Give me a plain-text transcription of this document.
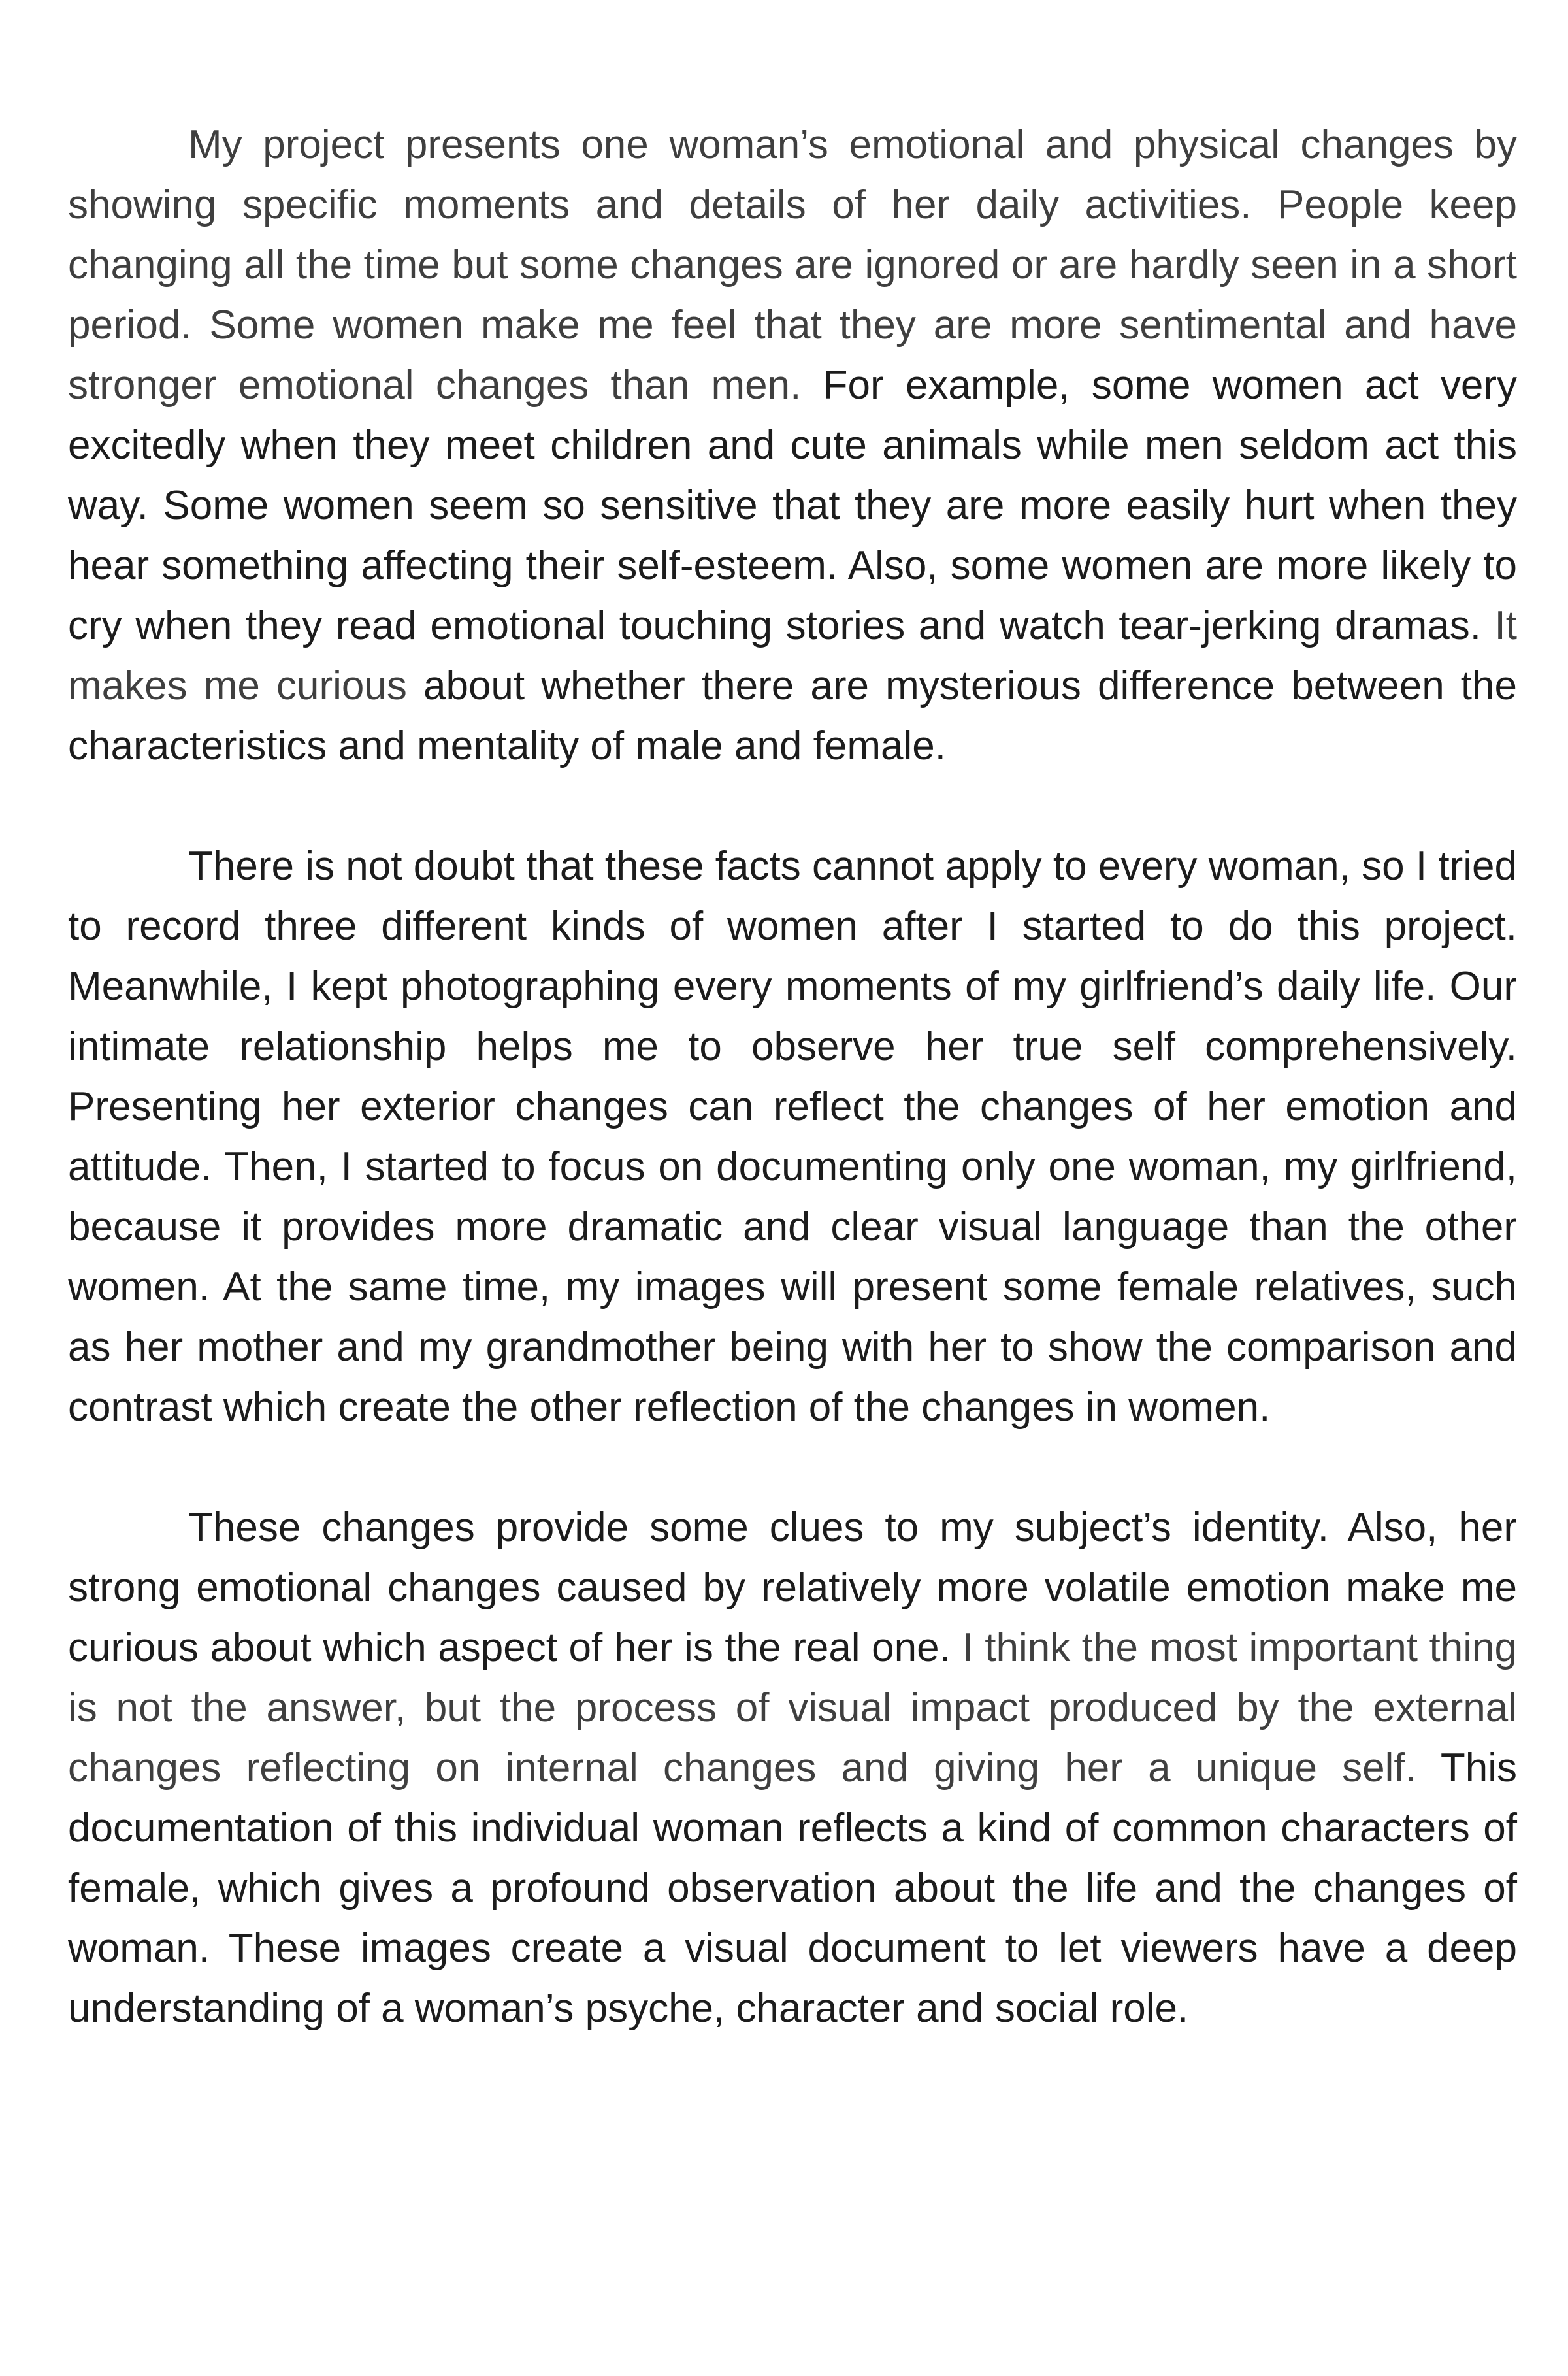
My project presents one woman’s emotional and physical changes by showing specific moments and details of her daily activities. People keep changing all the time but some changes are ignored or are hardly seen in a short period. Some women make me feel that they are more sentimental and have stronger emotional changes than men. For example, some women act very excitedly when they meet children and cute animals while men seldom act this way. Some women seem so sensitive that they are more easily hurt when they hear something affecting their self-esteem. Also, some women are more likely to cry when they read emotional touching stories and watch tear-jerking dramas. It makes me curious about whether there are mysterious difference between the characteristics and mentality of male and female.

There is not doubt that these facts cannot apply to every woman, so I tried to record three different kinds of women after I started to do this project. Meanwhile, I kept photographing every moments of my girlfriend’s daily life. Our intimate relationship helps me to observe her true self comprehensively. Presenting her exterior changes can reflect the changes of her emotion and attitude. Then, I started to focus on documenting only one woman, my girlfriend, because it provides more dramatic and clear visual language than the other women. At the same time, my images will present some female relatives, such as her mother and my grandmother being with her to show the comparison and contrast which create the other reflection of the changes in women.

These changes provide some clues to my subject’s identity. Also, her strong emotional changes caused by relatively more volatile emotion make me curious about which aspect of her is the real one. I think the most important thing is not the answer, but the process of visual impact produced by the external changes reflecting on internal changes and giving her a unique self. This documentation of this individual woman reflects a kind of common characters of female, which gives a profound observation about the life and the changes of woman. These images create a visual document to let viewers have a deep understanding of a woman’s psyche, character and social role.
